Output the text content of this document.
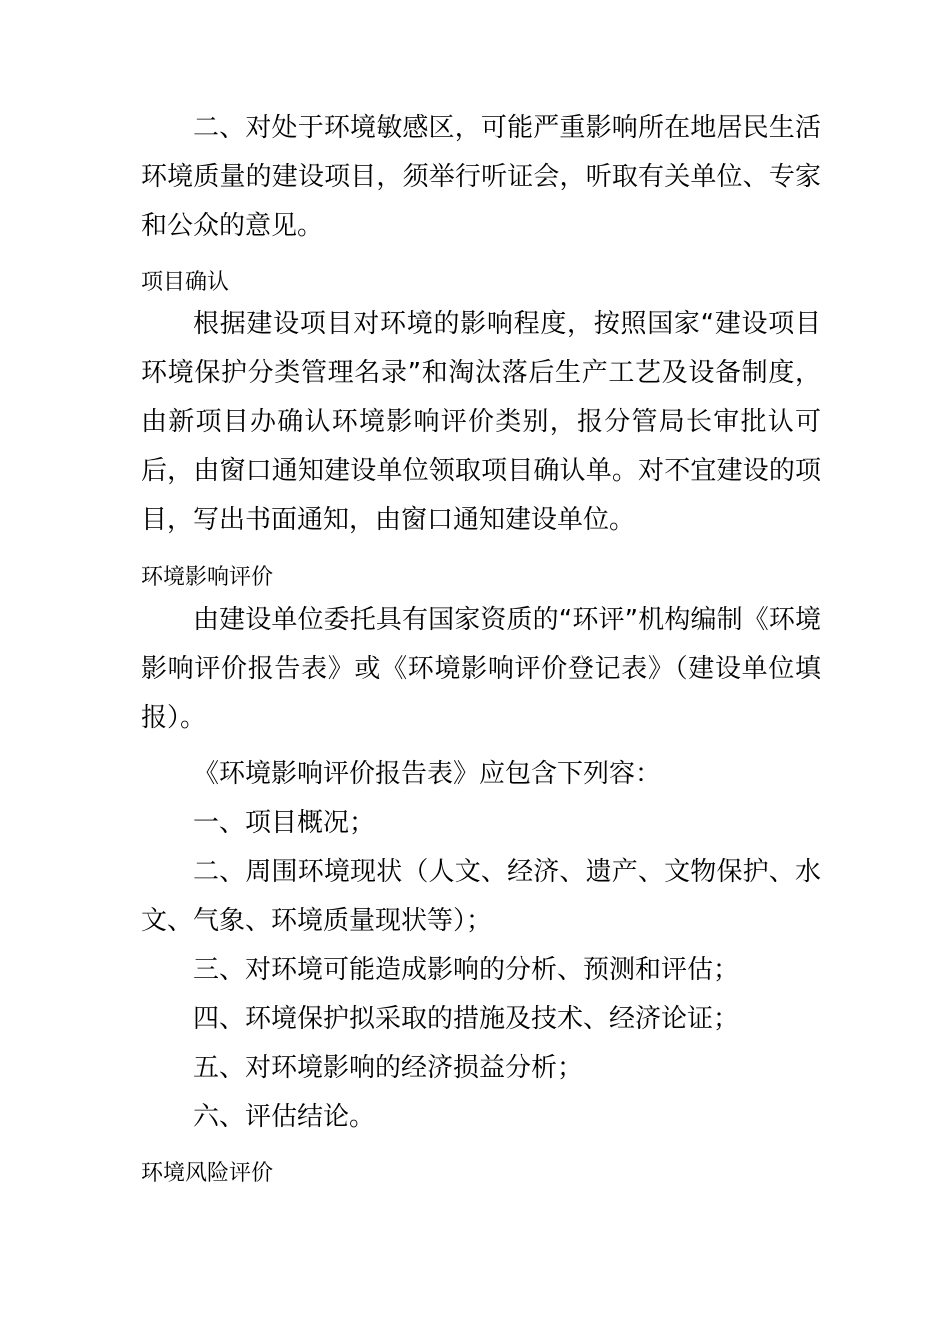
二、对处于环境敏感区，可能严重影响所在地居民生活环境质量的建设项目，须举行听证会，听取有关单位、专家和公众的意见。

项目确认

根据建设项目对环境的影响程度，按照国家“建设项目环境保护分类管理名录”和淘汰落后生产工艺及设备制度，由新项目办确认环境影响评价类别，报分管局长审批认可后，由窗口通知建设单位领取项目确认单。对不宜建设的项目，写出书面通知，由窗口通知建设单位。

环境影响评价

由建设单位委托具有国家资质的“环评”机构编制《环境影响评价报告表》或《环境影响评价登记表》（建设单位填报）。

《环境影响评价报告表》应包含下列容：

一、项目概况；

二、周围环境现状（人文、经济、遗产、文物保护、水文、气象、环境质量现状等）；

三、对环境可能造成影响的分析、预测和评估；

四、环境保护拟采取的措施及技术、经济论证；

五、对环境影响的经济损益分析；

六、评估结论。

环境风险评价
